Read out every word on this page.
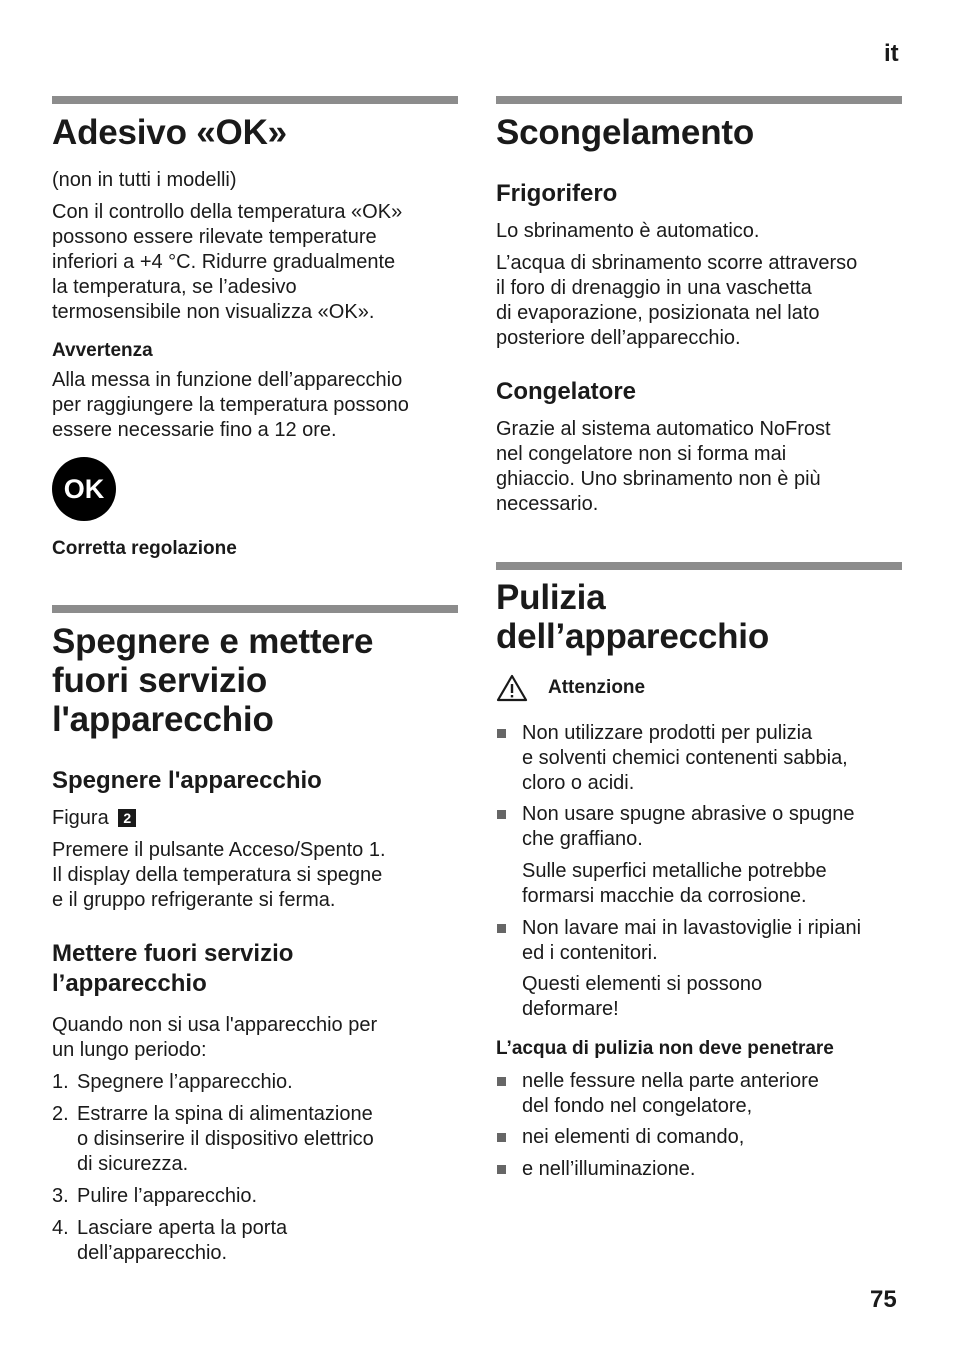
it
Adesivo «OK»
(non in tutti i modelli)
Con il controllo della temperatura «OK»
possono essere rilevate temperature
inferiori a +4 °C. Ridurre gradualmente
la temperatura, se l’adesivo
termosensibile non visualizza «OK».
Avvertenza
Alla messa in funzione dell’apparecchio
per raggiungere la temperatura possono
essere necessarie fino a 12 ore.
OK
Corretta regolazione
Spegnere e mettere
fuori servizio
l'apparecchio
Spegnere l'apparecchio
Figura 2
Premere il pulsante Acceso/Spento 1.
Il display della temperatura si spegne
e il gruppo refrigerante si ferma.
Mettere fuori servizio
l’apparecchio
Quando non si usa l'apparecchio per
un lungo periodo:
1. Spegnere l’apparecchio.
2. Estrarre la spina di alimentazione
o disinserire il dispositivo elettrico
di sicurezza.
3. Pulire l’apparecchio.
4. Lasciare aperta la porta
dell’apparecchio.
Scongelamento
Frigorifero
Lo sbrinamento è automatico.
L’acqua di sbrinamento scorre attraverso
il foro di drenaggio in una vaschetta
di evaporazione, posizionata nel lato
posteriore dell’apparecchio.
Congelatore
Grazie al sistema automatico NoFrost
nel congelatore non si forma mai
ghiaccio. Uno sbrinamento non è più
necessario.
Pulizia
dell’apparecchio
Attenzione
Non utilizzare prodotti per pulizia
e solventi chemici contenenti sabbia,
cloro o acidi.
Non usare spugne abrasive o spugne
che graffiano.
Sulle superfici metalliche potrebbe
formarsi macchie da corrosione.
Non lavare mai in lavastoviglie i ripiani
ed i contenitori.
Questi elementi si possono
deformare!
L’acqua di pulizia non deve penetrare
nelle fessure nella parte anteriore
del fondo nel congelatore,
nei elementi di comando,
e nell’illuminazione.
75
